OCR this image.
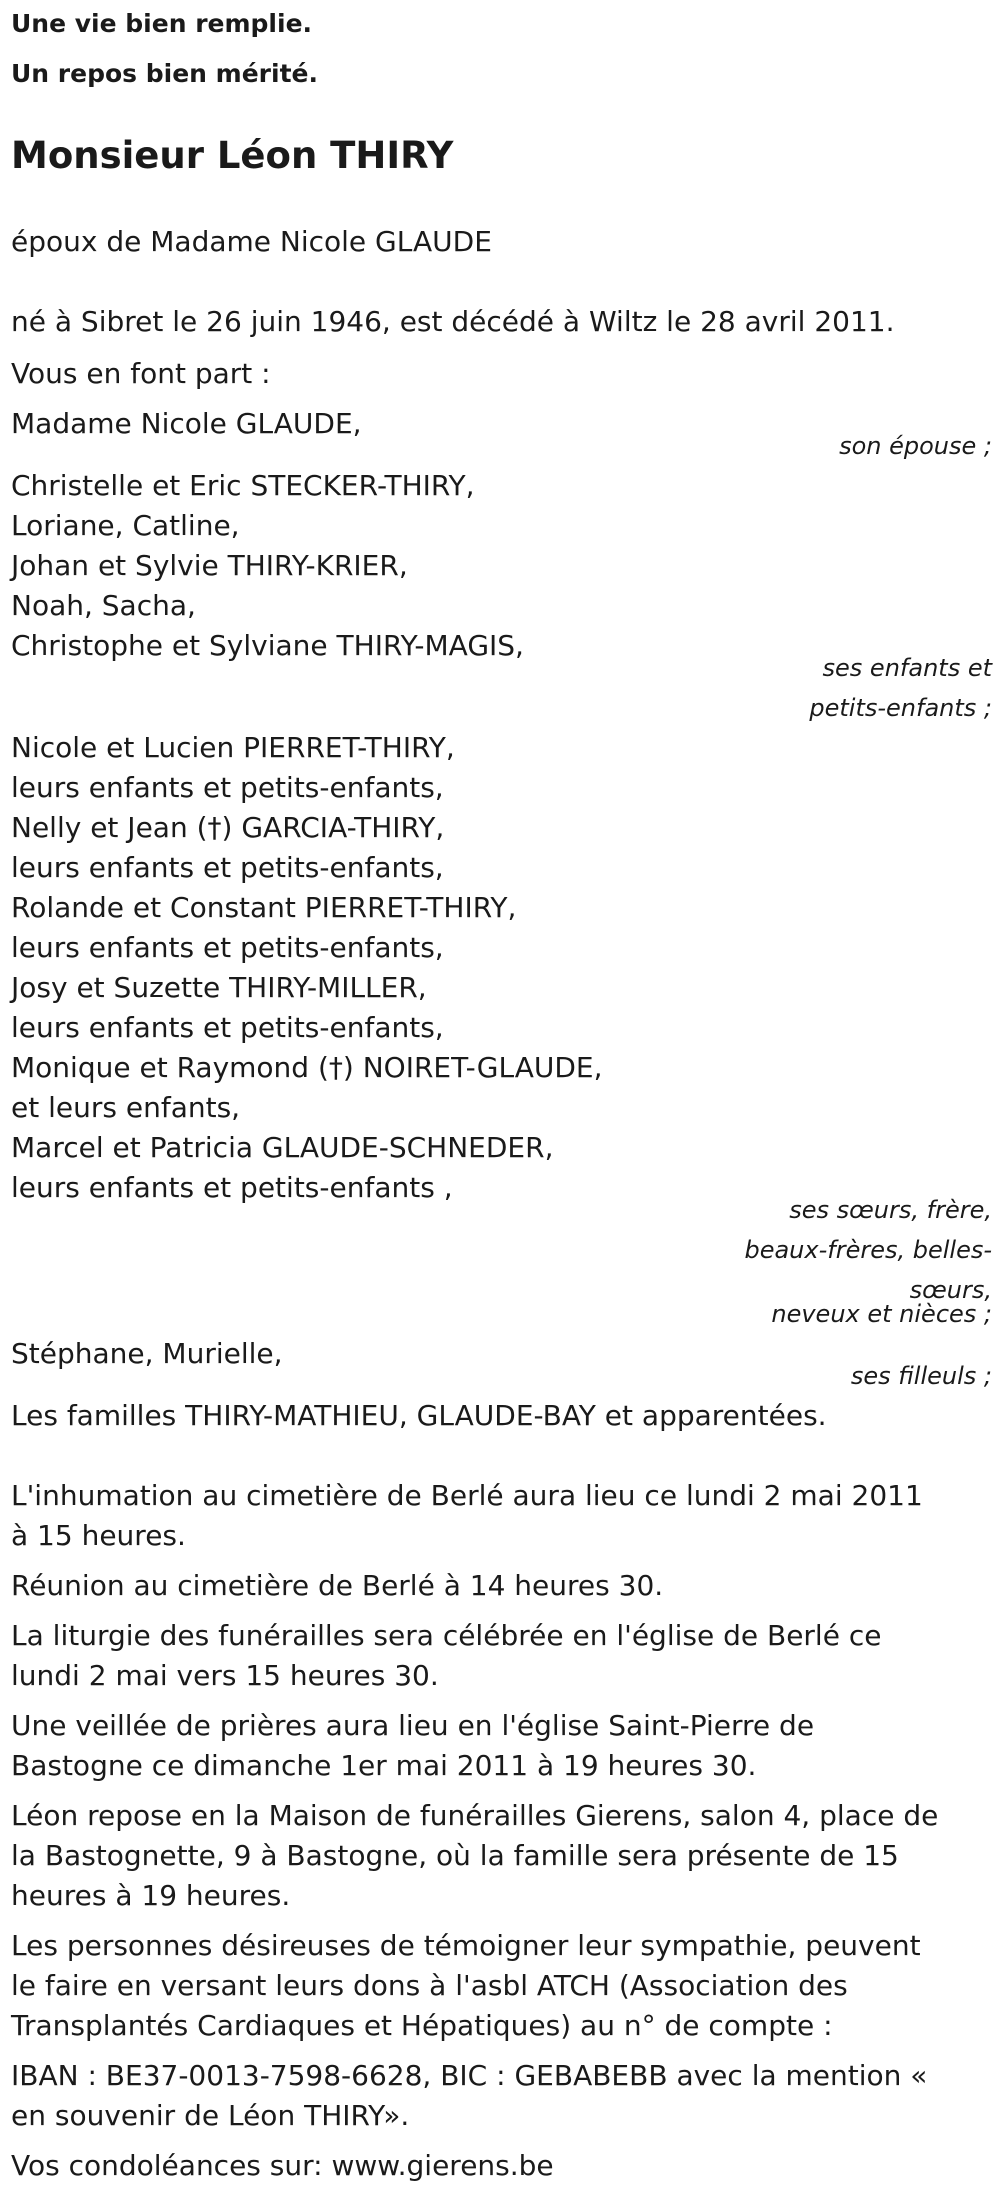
Une vie bien remplie.

Un repos bien mérité.

Monsieur Léon THIRY

époux de Madame Nicole GLAUDE

né à Sibret le 26 juin 1946, est décédé à Wiltz le 28 avril 2011.

Vous en font part :

Madame Nicole GLAUDE,

son épouse ;

Christelle et Eric STECKER-THIRY,

Loriane, Catline,

Johan et Sylvie THIRY-KRIER,

Noah, Sacha,

Christophe et Sylviane THIRY-MAGIS,

ses enfants et

petits-enfants ;

Nicole et Lucien PIERRET-THIRY,

leurs enfants et petits-enfants,

Nelly et Jean (†) GARCIA-THIRY,

leurs enfants et petits-enfants,

Rolande et Constant PIERRET-THIRY,

leurs enfants et petits-enfants,

Josy et Suzette THIRY-MILLER,

leurs enfants et petits-enfants,

Monique et Raymond (†) NOIRET-GLAUDE,

et leurs enfants,

Marcel et Patricia GLAUDE-SCHNEDER,

leurs enfants et petits-enfants ,

ses sœurs, frère,

beaux-frères, belles-sœurs,

neveux et nièces ;

Stéphane, Murielle,

ses filleuls ;

Les familles THIRY-MATHIEU, GLAUDE-BAY et apparentées.

L'inhumation au cimetière de Berlé aura lieu ce lundi 2 mai 2011 à 15 heures.

Réunion au cimetière de Berlé à 14 heures 30.

La liturgie des funérailles sera célébrée en l'église de Berlé ce lundi 2 mai vers 15 heures 30.

Une veillée de prières aura lieu en l'église Saint-Pierre de Bastogne ce dimanche 1er mai 2011 à 19 heures 30.

Léon repose en la Maison de funérailles Gierens, salon 4, place de la Bastognette, 9 à Bastogne, où la famille sera présente de 15 heures à 19 heures.

Les personnes désireuses de témoigner leur sympathie, peuvent le faire en versant leurs dons à l'asbl ATCH (Association des Transplantés Cardiaques et Hépatiques) au n° de compte :

IBAN : BE37-0013-7598-6628, BIC : GEBABEBB avec la mention « en souvenir de Léon THIRY».

Vos condoléances sur: www.gierens.be
